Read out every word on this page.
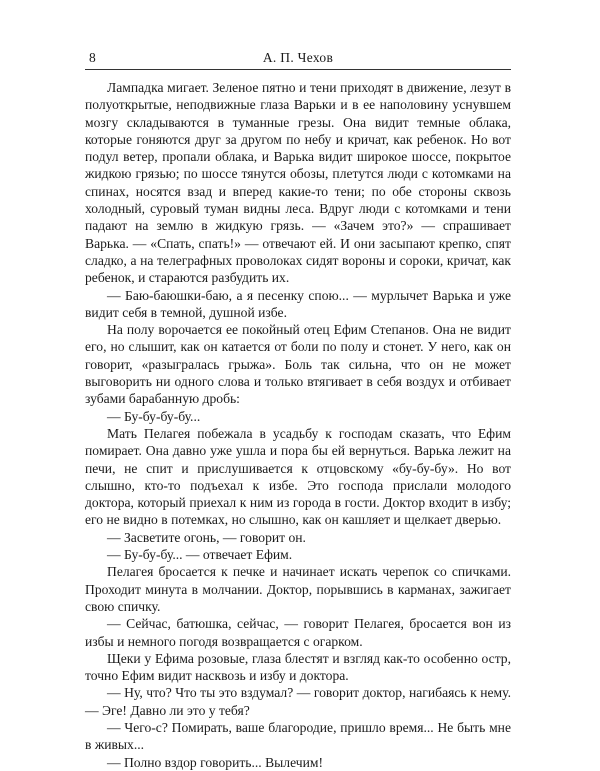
8	А. П. Чехов

Лампадка мигает. Зеленое пятно и тени приходят в движение, лезут в полуоткрытые, неподвижные глаза Варьки и в ее наполовину уснувшем мозгу складываются в туманные грезы. Она видит темные облака, которые гоняются друг за другом по небу и кричат, как ребенок. Но вот подул ветер, пропали облака, и Варька видит широкое шоссе, покрытое жидкою грязью; по шоссе тянутся обозы, плетутся люди с котомками на спинах, носятся взад и вперед какие-то тени; по обе стороны сквозь холодный, суровый туман видны леса. Вдруг люди с котомками и тени падают на землю в жидкую грязь. — «Зачем это?» — спрашивает Варька. — «Спать, спать!» — отвечают ей. И они засыпают крепко, спят сладко, а на телеграфных проволоках сидят вороны и сороки, кричат, как ребенок, и стараются разбудить их.

— Баю-баюшки-баю, а я песенку спою... — мурлычет Варька и уже видит себя в темной, душной избе.

На полу ворочается ее покойный отец Ефим Степанов. Она не видит его, но слышит, как он катается от боли по полу и стонет. У него, как он говорит, «разыгралась грыжа». Боль так сильна, что он не может выговорить ни одного слова и только втягивает в себя воздух и отбивает зубами барабанную дробь:

— Бу-бу-бу-бу...

Мать Пелагея побежала в усадьбу к господам сказать, что Ефим помирает. Она давно уже ушла и пора бы ей вернуться. Варька лежит на печи, не спит и прислушивается к отцовскому «бу-бу-бу». Но вот слышно, кто-то подъехал к избе. Это господа прислали молодого доктора, который приехал к ним из города в гости. Доктор входит в избу; его не видно в потемках, но слышно, как он кашляет и щелкает дверью.

— Засветите огонь, — говорит он.

— Бу-бу-бу... — отвечает Ефим.

Пелагея бросается к печке и начинает искать черепок со спичками. Проходит минута в молчании. Доктор, порывшись в карманах, зажигает свою спичку.

— Сейчас, батюшка, сейчас, — говорит Пелагея, бросается вон из избы и немного погодя возвращается с огарком.

Щеки у Ефима розовые, глаза блестят и взгляд как-то особенно остр, точно Ефим видит насквозь и избу и доктора.

— Ну, что? Что ты это вздумал? — говорит доктор, нагибаясь к нему. — Эге! Давно ли это у тебя?

— Чего-с? Помирать, ваше благородие, пришло время... Не быть мне в живых...

— Полно вздор говорить... Вылечим!
